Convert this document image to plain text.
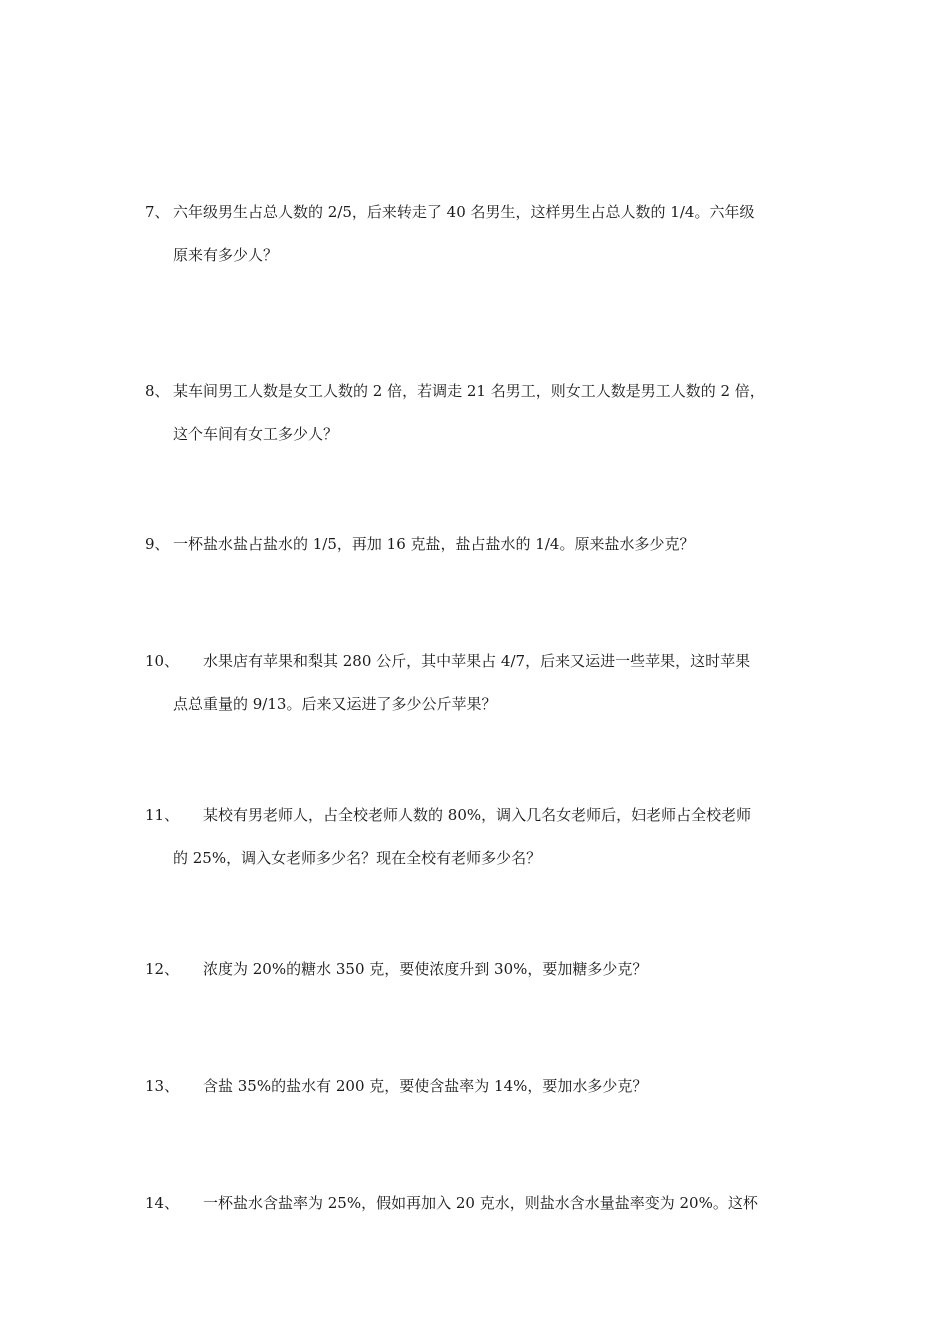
7、 六年级男生占总人数的 2/5，后来转走了 40 名男生，这样男生占总人数的 1/4。六年级
原来有多少人？
8、 某车间男工人数是女工人数的 2 倍，若调走 21 名男工，则女工人数是男工人数的 2 倍，
这个车间有女工多少人？
9、 一杯盐水盐占盐水的 1/5，再加 16 克盐，盐占盐水的 1/4。原来盐水多少克？
10、 水果店有苹果和梨其 280 公斤，其中苹果占 4/7，后来又运进一些苹果，这时苹果
点总重量的 9/13。后来又运进了多少公斤苹果？
11、 某校有男老师人，占全校老师人数的 80%，调入几名女老师后，妇老师占全校老师
的 25%，调入女老师多少名？现在全校有老师多少名？
12、 浓度为 20%的糖水 350 克，要使浓度升到 30%，要加糖多少克？
13、 含盐 35%的盐水有 200 克，要使含盐率为 14%，要加水多少克？
14、 一杯盐水含盐率为 25%，假如再加入 20 克水，则盐水含水量盐率变为 20%。这杯
